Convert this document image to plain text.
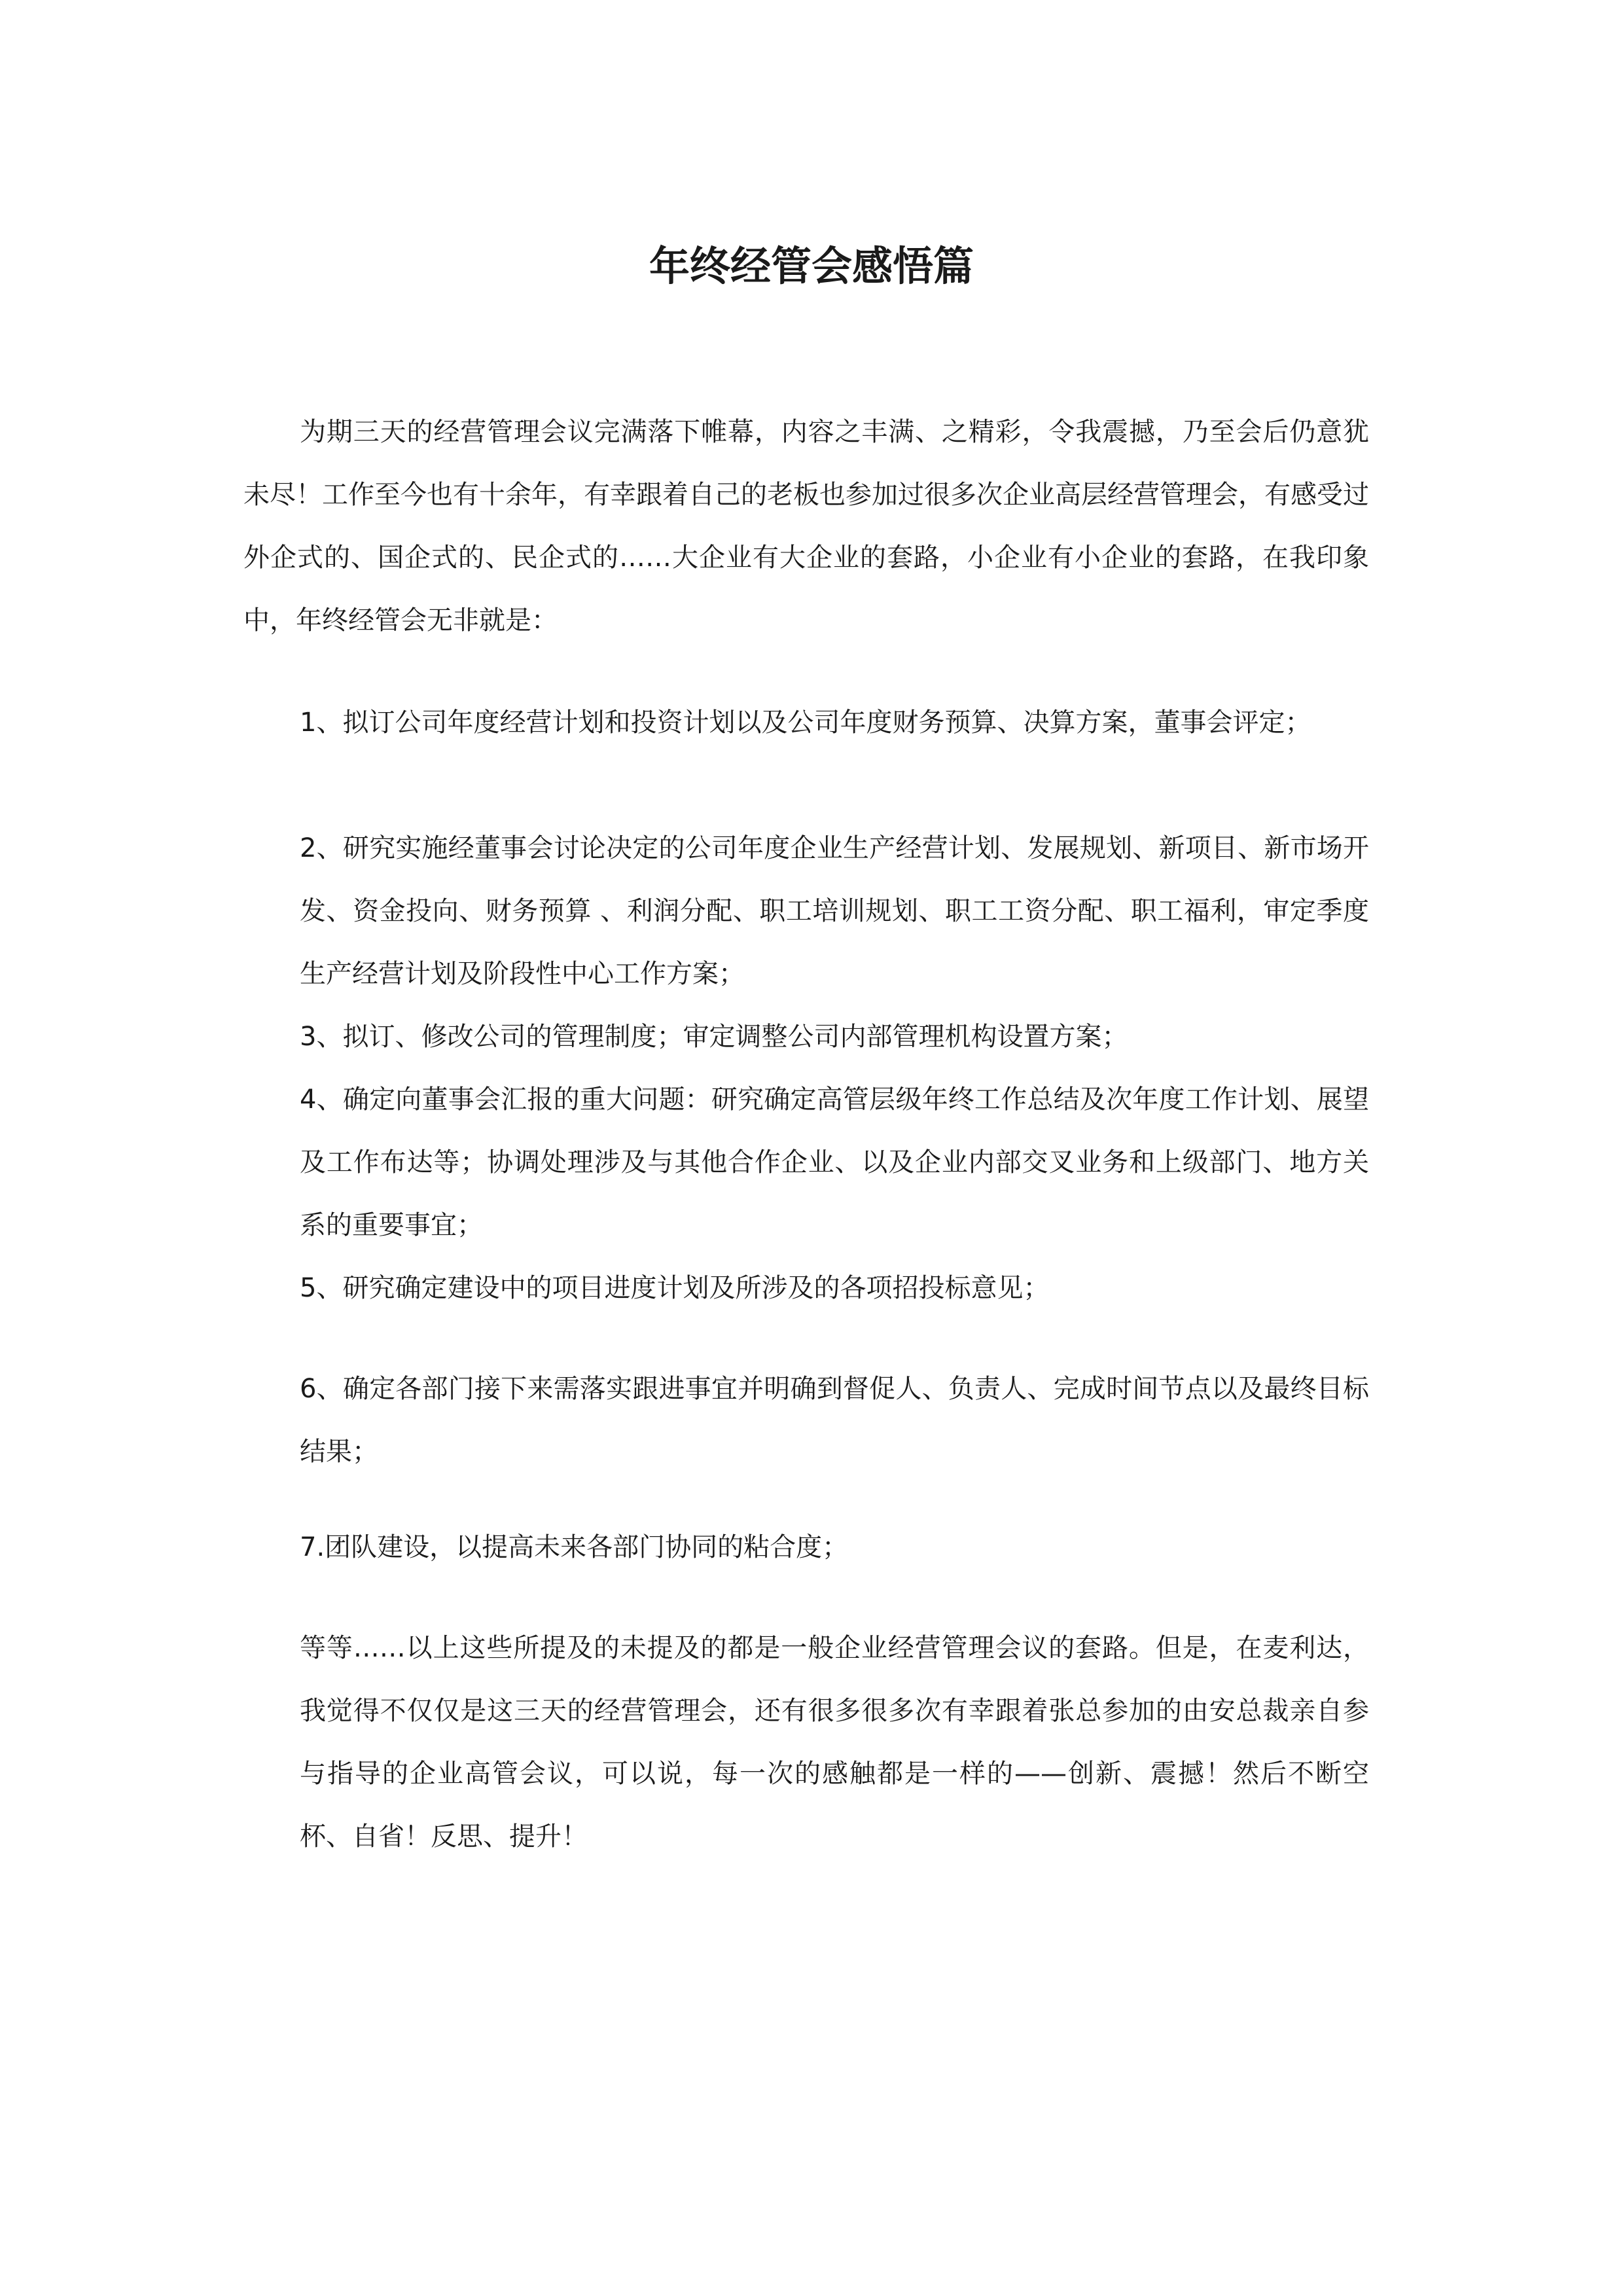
年终经管会感悟篇

为期三天的经营管理会议完满落下帷幕，内容之丰满、之精彩，令我震撼，乃至会后仍意犹未尽！工作至今也有十余年，有幸跟着自己的老板也参加过很多次企业高层经营管理会，有感受过外企式的、国企式的、民企式的……大企业有大企业的套路，小企业有小企业的套路，在我印象中，年终经管会无非就是：

1、拟订公司年度经营计划和投资计划以及公司年度财务预算、决算方案，董事会评定；

2、研究实施经董事会讨论决定的公司年度企业生产经营计划、发展规划、新项目、新市场开发、资金投向、财务预算 、利润分配、职工培训规划、职工工资分配、职工福利，审定季度生产经营计划及阶段性中心工作方案；

3、拟订、修改公司的管理制度；审定调整公司内部管理机构设置方案；

4、确定向董事会汇报的重大问题：研究确定高管层级年终工作总结及次年度工作计划、展望及工作布达等；协调处理涉及与其他合作企业、以及企业内部交叉业务和上级部门、地方关系的重要事宜；

5、研究确定建设中的项目进度计划及所涉及的各项招投标意见；

6、确定各部门接下来需落实跟进事宜并明确到督促人、负责人、完成时间节点以及最终目标结果；

7.团队建设，以提高未来各部门协同的粘合度；

等等……以上这些所提及的未提及的都是一般企业经营管理会议的套路。但是，在麦利达，我觉得不仅仅是这三天的经营管理会，还有很多很多次有幸跟着张总参加的由安总裁亲自参与指导的企业高管会议，可以说，每一次的感触都是一样的——创新、震撼！然后不断空杯、自省！反思、提升！
